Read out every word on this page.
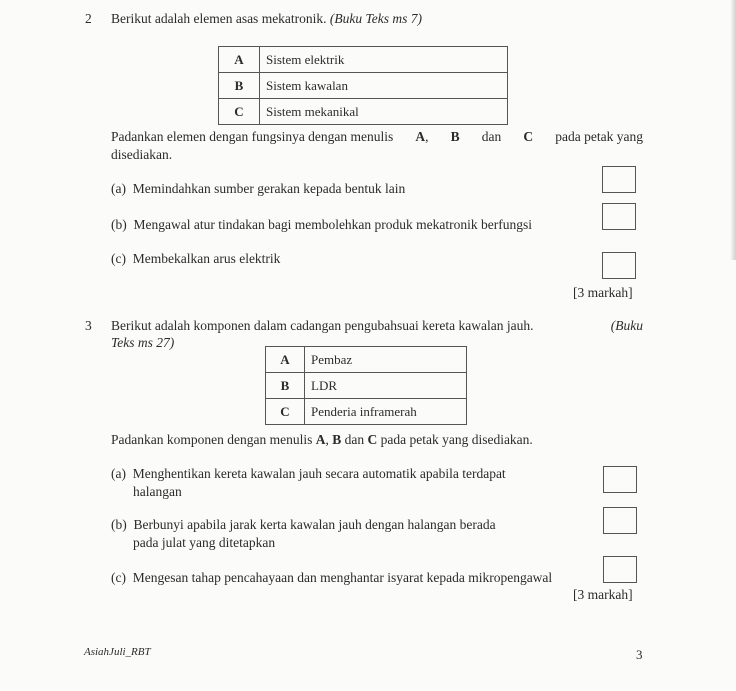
2 Berikut adalah elemen asas mekatronik. (Buku Teks ms 7)
A	Sistem elektrik
B	Sistem kawalan
C	Sistem mekanikal
Padankan elemen dengan fungsinya dengan menulis A, B dan C pada petak yang
disediakan.
(a) Memindahkan sumber gerakan kepada bentuk lain
(b) Mengawal atur tindakan bagi membolehkan produk mekatronik berfungsi
(c) Membekalkan arus elektrik
[3 markah]
3 Berikut adalah komponen dalam cadangan pengubahsuai kereta kawalan jauh.	(Buku
Teks ms 27)
A	Pembaz
B	LDR
C	Penderia inframerah
Padankan komponen dengan menulis A, B dan C pada petak yang disediakan.
(a) Menghentikan kereta kawalan jauh secara automatik apabila terdapat
halangan
(b) Berbunyi apabila jarak kerta kawalan jauh dengan halangan berada
pada julat yang ditetapkan
(c) Mengesan tahap pencahayaan dan menghantar isyarat kepada mikropengawal
[3 markah]
AsiahJuli_RBT	3
